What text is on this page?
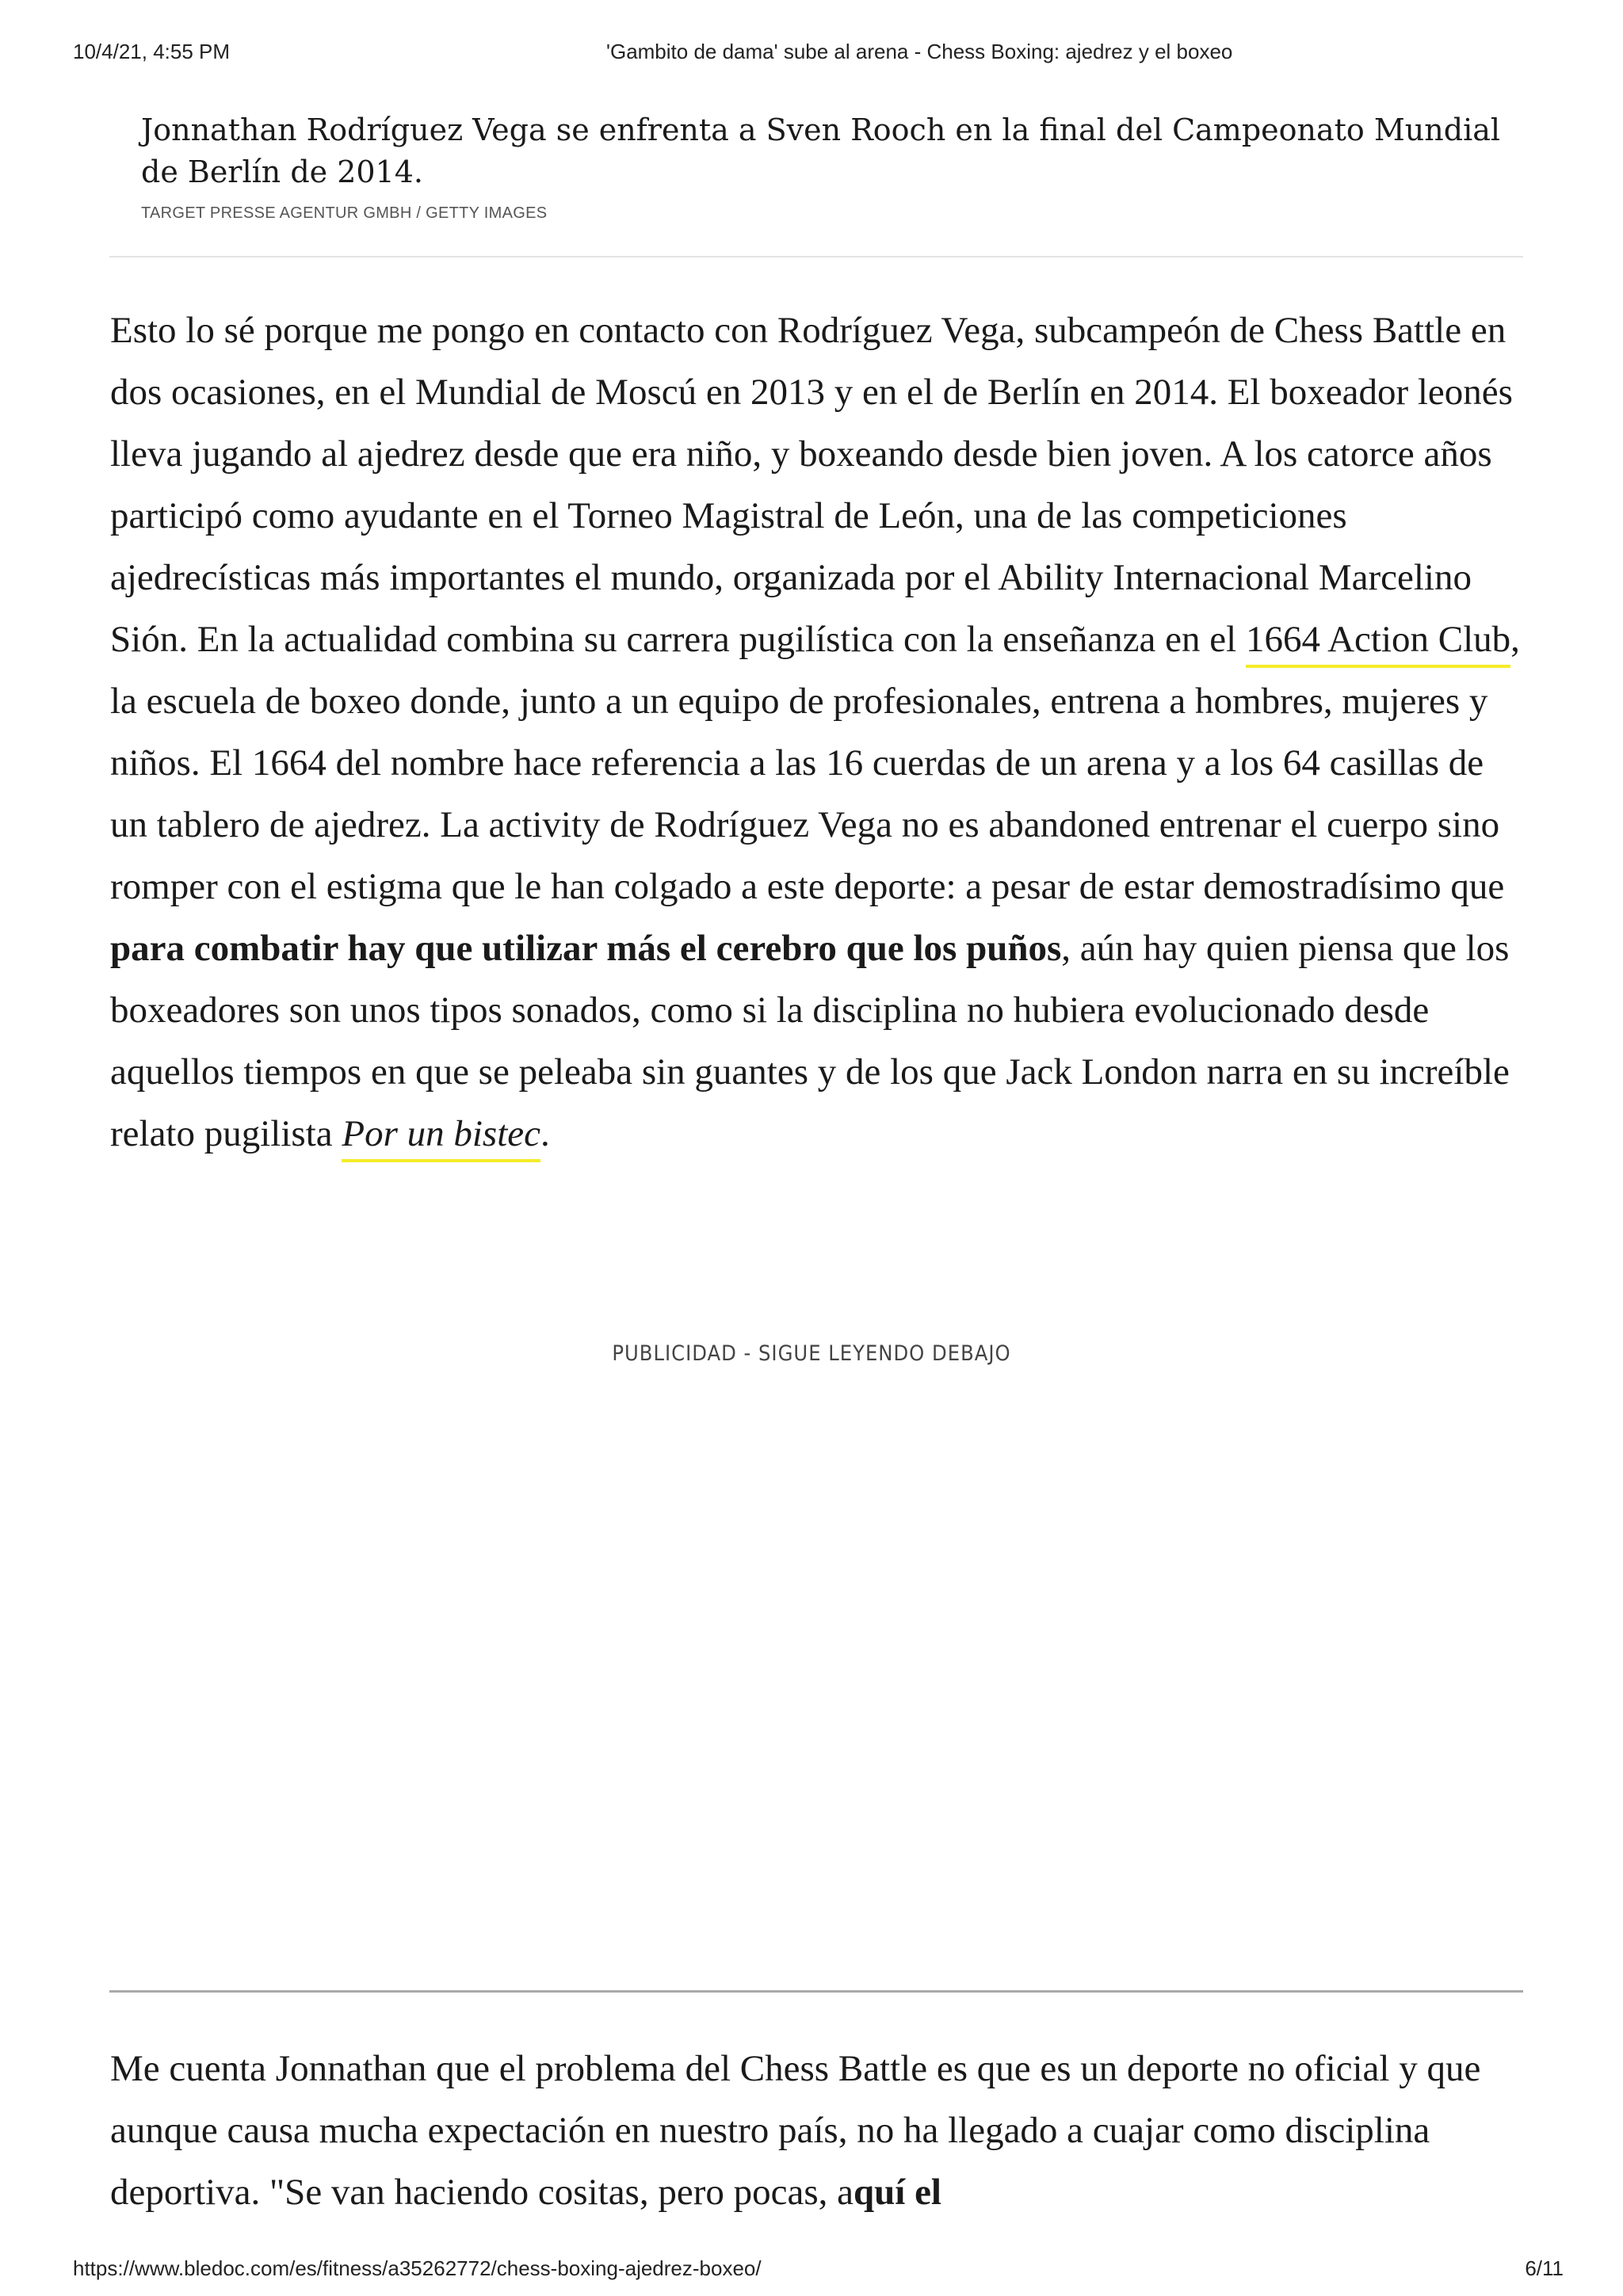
10/4/21, 4:55 PM	'Gambito de dama' sube al arena - Chess Boxing: ajedrez y el boxeo
Jonnathan Rodríguez Vega se enfrenta a Sven Rooch en la final del Campeonato Mundial de Berlín de 2014.
TARGET PRESSE AGENTUR GMBH / GETTY IMAGES

Esto lo sé porque me pongo en contacto con Rodríguez Vega, subcampeón de Chess Battle en dos ocasiones, en el Mundial de Moscú en 2013 y en el de Berlín en 2014. El boxeador leonés lleva jugando al ajedrez desde que era niño, y boxeando desde bien joven. A los catorce años participó como ayudante en el Torneo Magistral de León, una de las competiciones ajedrecísticas más importantes el mundo, organizada por el Ability Internacional Marcelino Sión. En la actualidad combina su carrera pugilística con la enseñanza en el 1664 Action Club, la escuela de boxeo donde, junto a un equipo de profesionales, entrena a hombres, mujeres y niños. El 1664 del nombre hace referencia a las 16 cuerdas de un arena y a los 64 casillas de un tablero de ajedrez. La activity de Rodríguez Vega no es abandoned entrenar el cuerpo sino romper con el estigma que le han colgado a este deporte: a pesar de estar demostradísimo que para combatir hay que utilizar más el cerebro que los puños, aún hay quien piensa que los boxeadores son unos tipos sonados, como si la disciplina no hubiera evolucionado desde aquellos tiempos en que se peleaba sin guantes y de los que Jack London narra en su increíble relato pugilista Por un bistec.

PUBLICIDAD - SIGUE LEYENDO DEBAJO

Me cuenta Jonnathan que el problema del Chess Battle es que es un deporte no oficial y que aunque causa mucha expectación en nuestro país, no ha llegado a cuajar como disciplina deportiva. "Se van haciendo cositas, pero pocas, aquí el

https://www.bledoc.com/es/fitness/a35262772/chess-boxing-ajedrez-boxeo/	6/11
